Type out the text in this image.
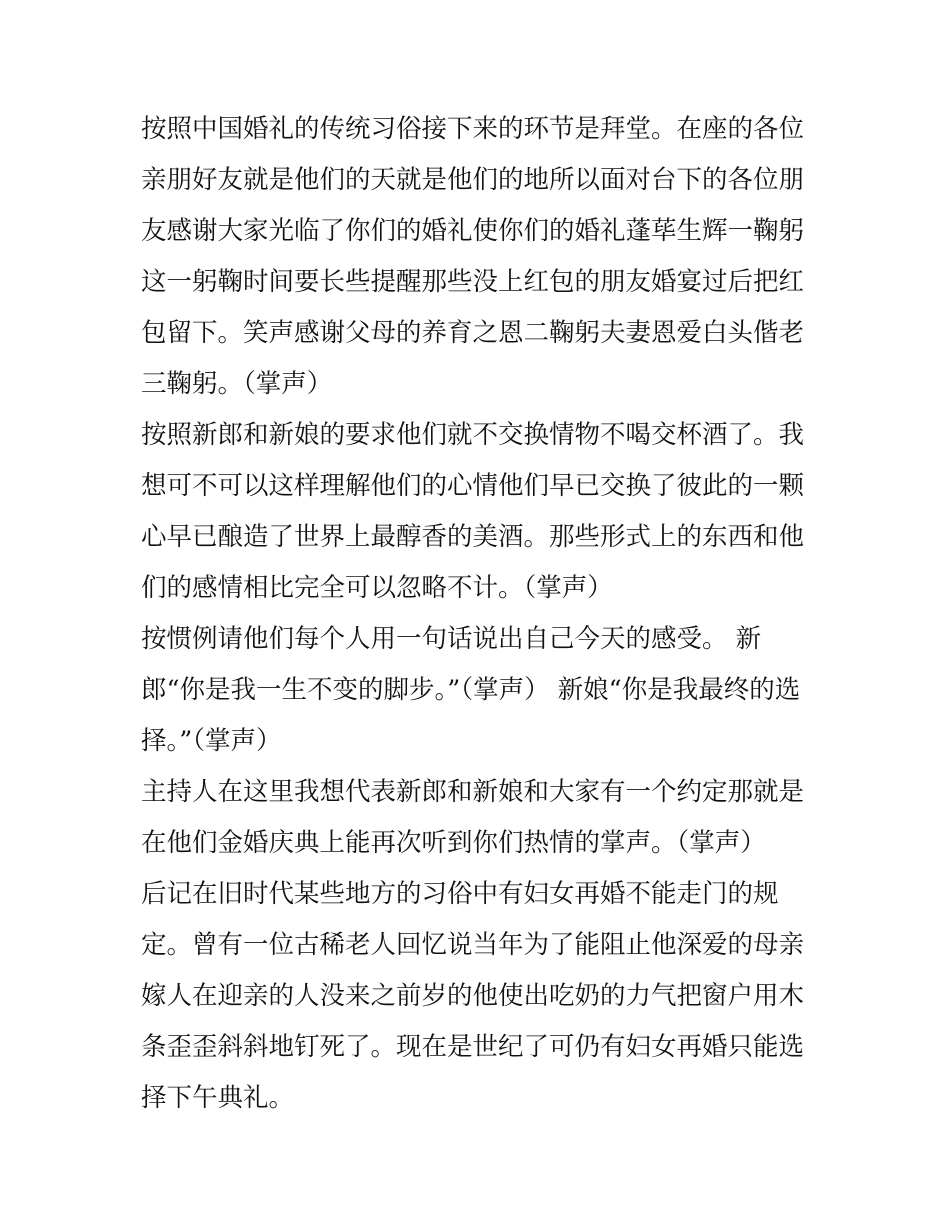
按照中国婚礼的传统习俗接下来的环节是拜堂。在座的各位亲朋好友就是他们的天就是他们的地所以面对台下的各位朋友感谢大家光临了你们的婚礼使你们的婚礼蓬荜生辉一鞠躬这一躬鞠时间要长些提醒那些没上红包的朋友婚宴过后把红包留下。笑声感谢父母的养育之恩二鞠躬夫妻恩爱白头偕老三鞠躬。（掌声）

按照新郎和新娘的要求他们就不交换情物不喝交杯酒了。我想可不可以这样理解他们的心情他们早已交换了彼此的一颗心早已酿造了世界上最醇香的美酒。那些形式上的东西和他们的感情相比完全可以忽略不计。（掌声）

按惯例请他们每个人用一句话说出自己今天的感受。 新郎“你是我一生不变的脚步。”（掌声） 新娘“你是我最终的选择。”（掌声）

主持人在这里我想代表新郎和新娘和大家有一个约定那就是在他们金婚庆典上能再次听到你们热情的掌声。（掌声）

后记在旧时代某些地方的习俗中有妇女再婚不能走门的规定。曾有一位古稀老人回忆说当年为了能阻止他深爱的母亲嫁人在迎亲的人没来之前岁的他使出吃奶的力气把窗户用木条歪歪斜斜地钉死了。现在是世纪了可仍有妇女再婚只能选择下午典礼。
